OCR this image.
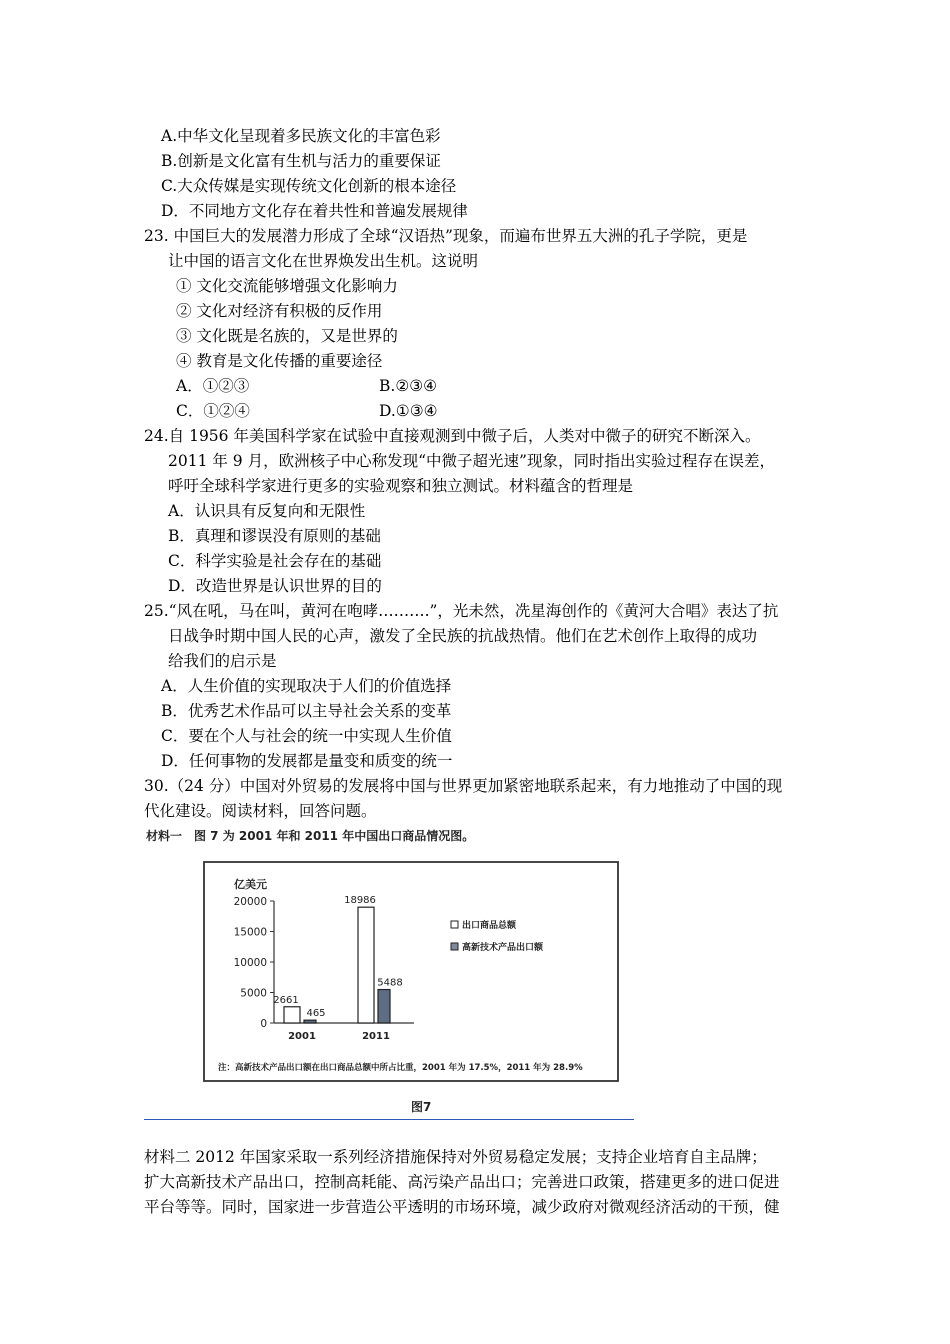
A.中华文化呈现着多民族文化的丰富色彩
B.创新是文化富有生机与活力的重要保证
C.大众传媒是实现传统文化创新的根本途径
D．不同地方文化存在着共性和普遍发展规律
23. 中国巨大的发展潜力形成了全球“汉语热”现象，而遍布世界五大洲的孔子学院，更是
让中国的语言文化在世界焕发出生机。这说明
① 文化交流能够增强文化影响力
② 文化对经济有积极的反作用
③ 文化既是名族的，又是世界的
④ 教育是文化传播的重要途径
A．①②③	B.②③④
C．①②④	D.①③④
24.自 1956 年美国科学家在试验中直接观测到中微子后，人类对中微子的研究不断深入。
2011 年 9 月，欧洲核子中心称发现“中微子超光速”现象，同时指出实验过程存在误差，
呼吁全球科学家进行更多的实验观察和独立测试。材料蕴含的哲理是
A．认识具有反复向和无限性
B．真理和谬误没有原则的基础
C．科学实验是社会存在的基础
D．改造世界是认识世界的目的
25.“风在吼，马在叫，黄河在咆哮……….”，光未然，冼星海创作的《黄河大合唱》表达了抗
日战争时期中国人民的心声，激发了全民族的抗战热情。他们在艺术创作上取得的成功
给我们的启示是
A．人生价值的实现取决于人们的价值选择
B．优秀艺术作品可以主导社会关系的变革
C．要在个人与社会的统一中实现人生价值
D．任何事物的发展都是量变和质变的统一
30.（24 分）中国对外贸易的发展将中国与世界更加紧密地联系起来，有力地推动了中国的现
代化建设。阅读材料，回答问题。
材料一　图 7 为 2001 年和 2011 年中国出口商品情况图。
亿美元
20000
15000
10000
5000
0
2661
465
2001
18986
5488
2011
出口商品总额
高新技术产品出口额
注：高新技术产品出口额在出口商品总额中所占比重，2001 年为 17.5%，2011 年为 28.9%
图7
材料二 2012 年国家采取一系列经济措施保持对外贸易稳定发展；支持企业培育自主品牌；
扩大高新技术产品出口，控制高耗能、高污染产品出口；完善进口政策，搭建更多的进口促进
平台等等。同时，国家进一步营造公平透明的市场环境，减少政府对微观经济活动的干预，健
